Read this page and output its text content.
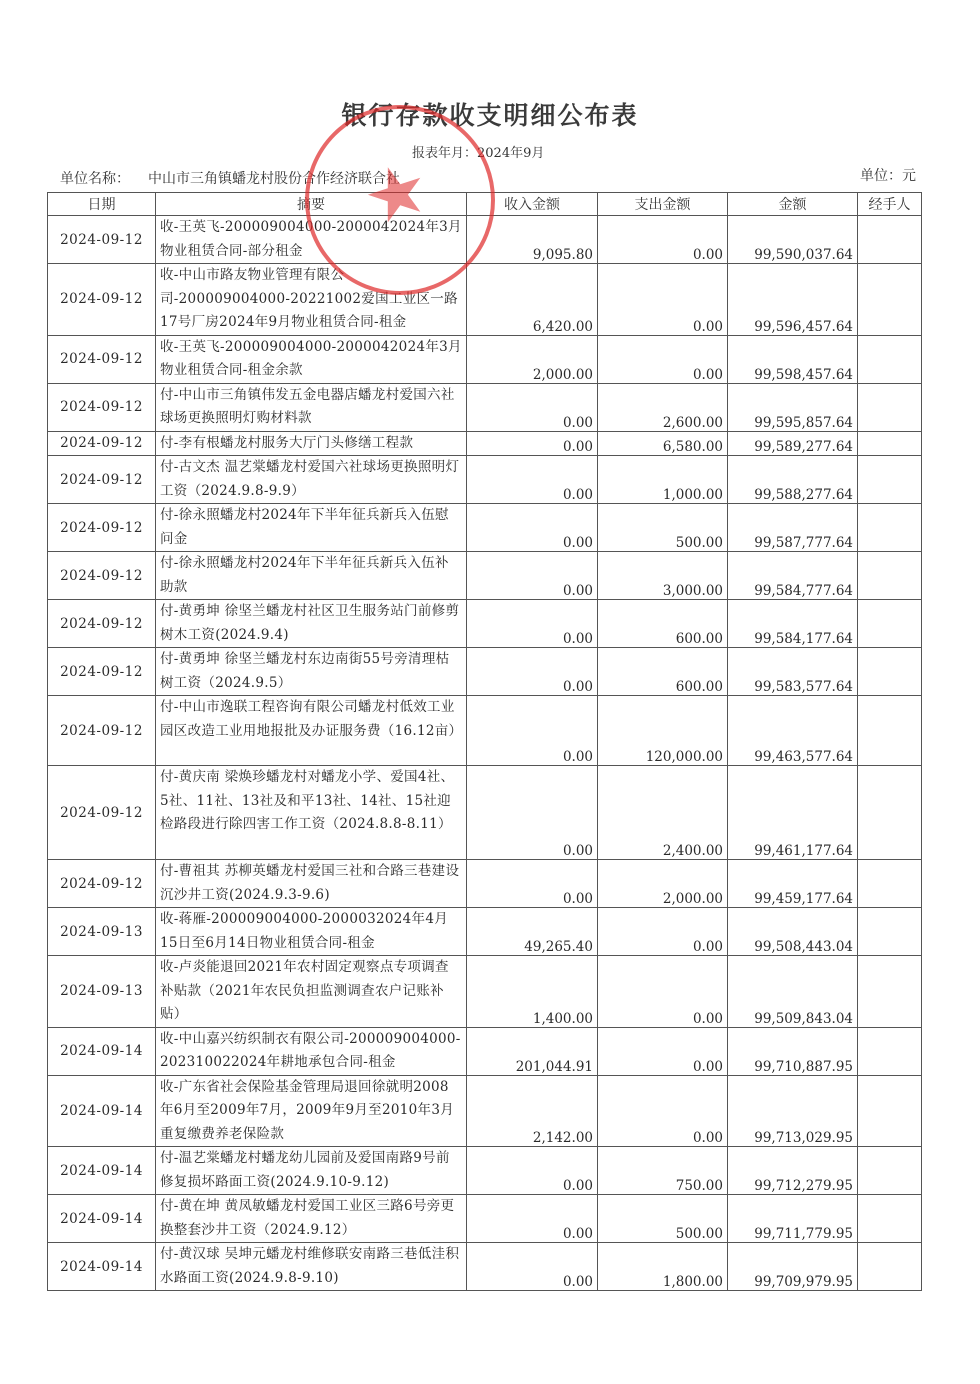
银行存款收支明细公布表
报表年月：2024年9月
单位名称： 中山市三角镇蟠龙村股份合作经济联合社	单位：元
日期	摘要	收入金额	支出金额	金额	经手人
2024-09-12	收-王英飞-200009004000-2000042024年3月物业租赁合同-部分租金	9,095.80	0.00	99,590,037.64	
2024-09-12	收-中山市路友物业管理有限公司-200009004000-20221002爱国工业区一路17号厂房2024年9月物业租赁合同-租金	6,420.00	0.00	99,596,457.64	
2024-09-12	收-王英飞-200009004000-2000042024年3月物业租赁合同-租金余款	2,000.00	0.00	99,598,457.64	
2024-09-12	付-中山市三角镇伟发五金电器店蟠龙村爱国六社球场更换照明灯购材料款	0.00	2,600.00	99,595,857.64	
2024-09-12	付-李有根蟠龙村服务大厅门头修缮工程款	0.00	6,580.00	99,589,277.64	
2024-09-12	付-古文杰 温艺棠蟠龙村爱国六社球场更换照明灯工资（2024.9.8-9.9）	0.00	1,000.00	99,588,277.64	
2024-09-12	付-徐永照蟠龙村2024年下半年征兵新兵入伍慰问金	0.00	500.00	99,587,777.64	
2024-09-12	付-徐永照蟠龙村2024年下半年征兵新兵入伍补助款	0.00	3,000.00	99,584,777.64	
2024-09-12	付-黄勇坤 徐坚兰蟠龙村社区卫生服务站门前修剪树木工资(2024.9.4)	0.00	600.00	99,584,177.64	
2024-09-12	付-黄勇坤 徐坚兰蟠龙村东边南街55号旁清理枯树工资（2024.9.5）	0.00	600.00	99,583,577.64	
2024-09-12	付-中山市逸联工程咨询有限公司蟠龙村低效工业园区改造工业用地报批及办证服务费（16.12亩）	0.00	120,000.00	99,463,577.64	
2024-09-12	付-黄庆南 梁焕珍蟠龙村对蟠龙小学、爱国4社、5社、11社、13社及和平13社、14社、15社迎检路段进行除四害工作工资（2024.8.8-8.11）	0.00	2,400.00	99,461,177.64	
2024-09-12	付-曹祖其 苏柳英蟠龙村爱国三社和合路三巷建设沉沙井工资(2024.9.3-9.6)	0.00	2,000.00	99,459,177.64	
2024-09-13	收-蒋雁-200009004000-2000032024年4月15日至6月14日物业租赁合同-租金	49,265.40	0.00	99,508,443.04	
2024-09-13	收-卢炎能退回2021年农村固定观察点专项调查补贴款（2021年农民负担监测调查农户记账补贴）	1,400.00	0.00	99,509,843.04	
2024-09-14	收-中山嘉兴纺织制衣有限公司-200009004000-202310022024年耕地承包合同-租金	201,044.91	0.00	99,710,887.95	
2024-09-14	收-广东省社会保险基金管理局退回徐就明2008年6月至2009年7月，2009年9月至2010年3月重复缴费养老保险款	2,142.00	0.00	99,713,029.95	
2024-09-14	付-温艺棠蟠龙村蟠龙幼儿园前及爱国南路9号前修复损坏路面工资(2024.9.10-9.12)	0.00	750.00	99,712,279.95	
2024-09-14	付-黄在坤 黄凤敏蟠龙村爱国工业区三路6号旁更换整套沙井工资（2024.9.12）	0.00	500.00	99,711,779.95	
2024-09-14	付-黄汉球 吴坤元蟠龙村维修联安南路三巷低洼积水路面工资(2024.9.8-9.10)	0.00	1,800.00	99,709,979.95	
★
